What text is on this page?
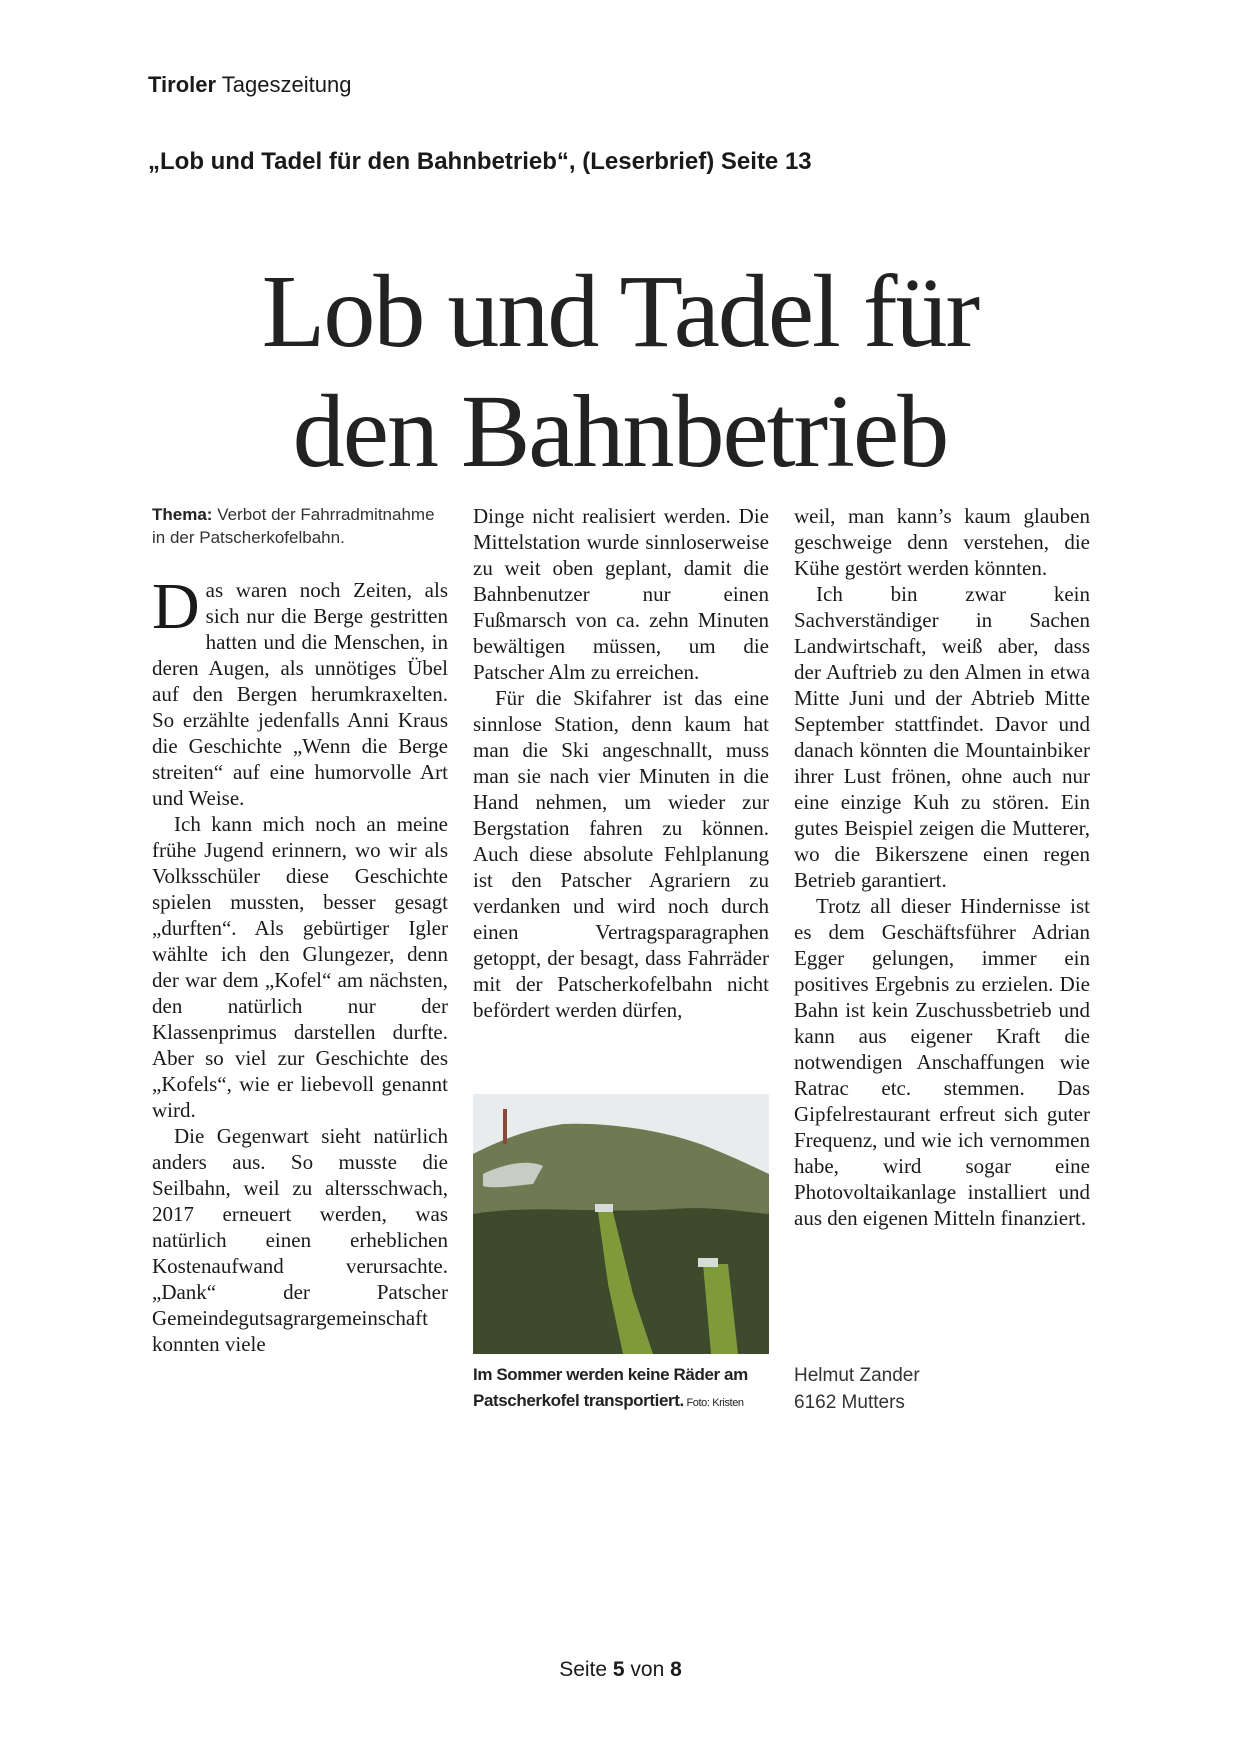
Tiroler Tageszeitung
„Lob und Tadel für den Bahnbetrieb“, (Leserbrief) Seite 13
Lob und Tadel für
den Bahnbetrieb
Thema: Verbot der Fahrradmitnahme in der Patscherkofelbahn.

Das waren noch Zeiten, als sich nur die Berge gestritten hatten und die Menschen, in deren Augen, als unnötiges Übel auf den Bergen herumkraxelten. So erzählte jedenfalls Anni Kraus die Geschichte „Wenn die Berge streiten“ auf eine humorvolle Art und Weise.

Ich kann mich noch an meine frühe Jugend erinnern, wo wir als Volksschüler diese Geschichte spielen mussten, besser gesagt „durften“. Als gebürtiger Igler wählte ich den Glungezer, denn der war dem „Kofel“ am nächsten, den natürlich nur der Klassenprimus darstellen durfte. Aber so viel zur Geschichte des „Kofels“, wie er liebevoll genannt wird.

Die Gegenwart sieht natürlich anders aus. So musste die Seilbahn, weil zu altersschwach, 2017 erneuert werden, was natürlich einen erheblichen Kostenaufwand verursachte. „Dank“ der Patscher Gemeindegutsagrargemeinschaft konnten viele

Dinge nicht realisiert werden. Die Mittelstation wurde sinnloserweise zu weit oben geplant, damit die Bahnbenutzer nur einen Fußmarsch von ca. zehn Minuten bewältigen müssen, um die Patscher Alm zu erreichen.

Für die Skifahrer ist das eine sinnlose Station, denn kaum hat man die Ski angeschnallt, muss man sie nach vier Minuten in die Hand nehmen, um wieder zur Bergstation fahren zu können. Auch diese absolute Fehlplanung ist den Patscher Agrariern zu verdanken und wird noch durch einen Vertragsparagraphen getoppt, der besagt, dass Fahrräder mit der Patscherkofelbahn nicht befördert werden dürfen,

Im Sommer werden keine Räder am Patscherkofel transportiert. Foto: Kristen

weil, man kann’s kaum glauben geschweige denn verstehen, die Kühe gestört werden könnten.

Ich bin zwar kein Sachverständiger in Sachen Landwirtschaft, weiß aber, dass der Auftrieb zu den Almen in etwa Mitte Juni und der Abtrieb Mitte September stattfindet. Davor und danach könnten die Mountainbiker ihrer Lust frönen, ohne auch nur eine einzige Kuh zu stören. Ein gutes Beispiel zeigen die Mutterer, wo die Bikerszene einen regen Betrieb garantiert.

Trotz all dieser Hindernisse ist es dem Geschäftsführer Adrian Egger gelungen, immer ein positives Ergebnis zu erzielen. Die Bahn ist kein Zuschussbetrieb und kann aus eigener Kraft die notwendigen Anschaffungen wie Ratrac etc. stemmen. Das Gipfelrestaurant erfreut sich guter Frequenz, und wie ich vernommen habe, wird sogar eine Photovoltaikanlage installiert und aus den eigenen Mitteln finanziert.

Helmut Zander
6162 Mutters
Seite 5 von 8
